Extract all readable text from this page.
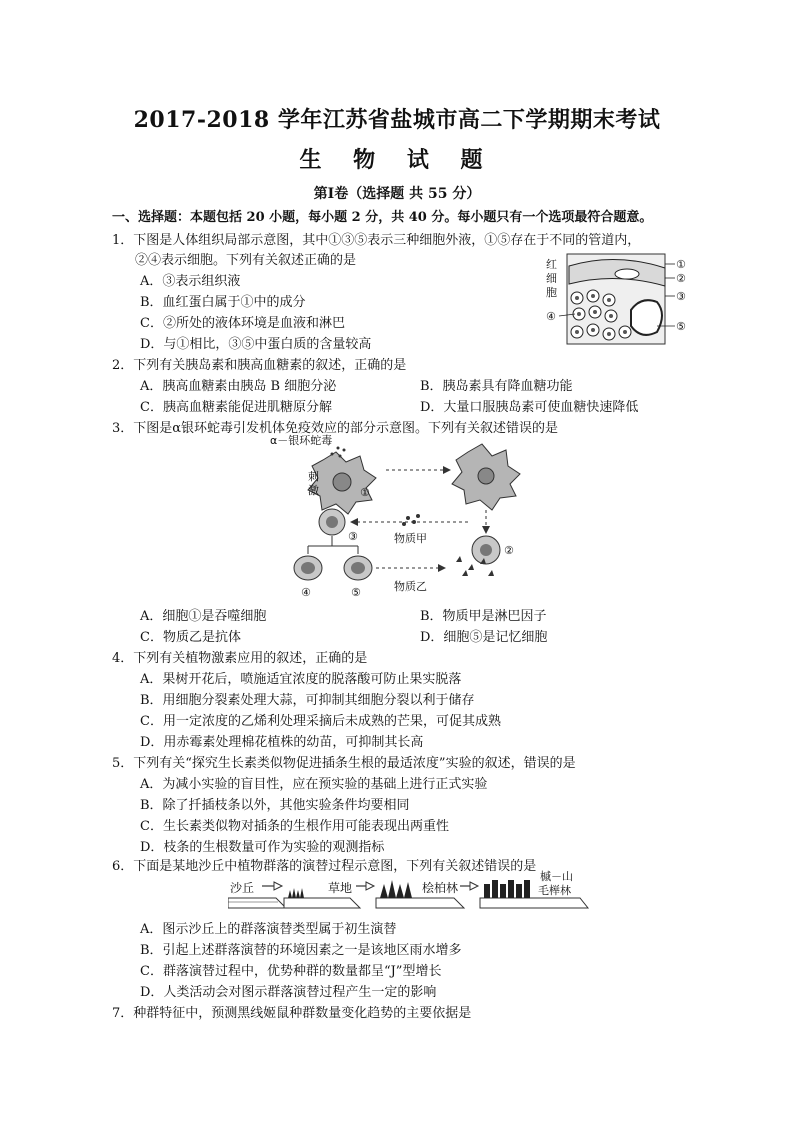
2017-2018 学年江苏省盐城市高二下学期期末考试
生 物 试 题
第Ⅰ卷（选择题 共 55 分）
一、选择题：本题包括 20 小题，每小题 2 分，共 40 分。每小题只有一个选项最符合题意。
1．下图是人体组织局部示意图，其中①③⑤表示三种细胞外液，①⑤存在于不同的管道内，
②④表示细胞。下列有关叙述正确的是
A．③表示组织液
B．血红蛋白属于①中的成分
C．②所处的液体环境是血液和淋巴
D．与①相比，③⑤中蛋白质的含量较高
红
细
胞
①
②
③
④
⑤
2．下列有关胰岛素和胰高血糖素的叙述，正确的是
A．胰高血糖素由胰岛 B 细胞分泌	B．胰岛素具有降血糖功能
C．胰高血糖素能促进肌糖原分解	D．大量口服胰岛素可使血糖快速降低
3．下图是α银环蛇毒引发机体免疫效应的部分示意图。下列有关叙述错误的是
α－银环蛇毒
①
②
物质甲
刺
激
③
④	⑤	物质乙
A．细胞①是吞噬细胞	B．物质甲是淋巴因子
C．物质乙是抗体	D．细胞⑤是记忆细胞
4．下列有关植物激素应用的叙述，正确的是
A．果树开花后，喷施适宜浓度的脱落酸可防止果实脱落
B．用细胞分裂素处理大蒜，可抑制其细胞分裂以利于储存
C．用一定浓度的乙烯利处理采摘后未成熟的芒果，可促其成熟
D．用赤霉素处理棉花植株的幼苗，可抑制其长高
5．下列有关“探究生长素类似物促进插条生根的最适浓度”实验的叙述，错误的是
A．为减小实验的盲目性，应在预实验的基础上进行正式实验
B．除了扦插枝条以外，其他实验条件均要相同
C．生长素类似物对插条的生根作用可能表现出两重性
D．枝条的生根数量可作为实验的观测指标
6．下面是某地沙丘中植物群落的演替过程示意图，下列有关叙述错误的是
沙丘	草地	桧柏林
槭－山
毛榉林
A．图示沙丘上的群落演替类型属于初生演替
B．引起上述群落演替的环境因素之一是该地区雨水增多
C．群落演替过程中，优势种群的数量都呈“J”型增长
D．人类活动会对图示群落演替过程产生一定的影响
7．种群特征中，预测黑线姬鼠种群数量变化趋势的主要依据是
